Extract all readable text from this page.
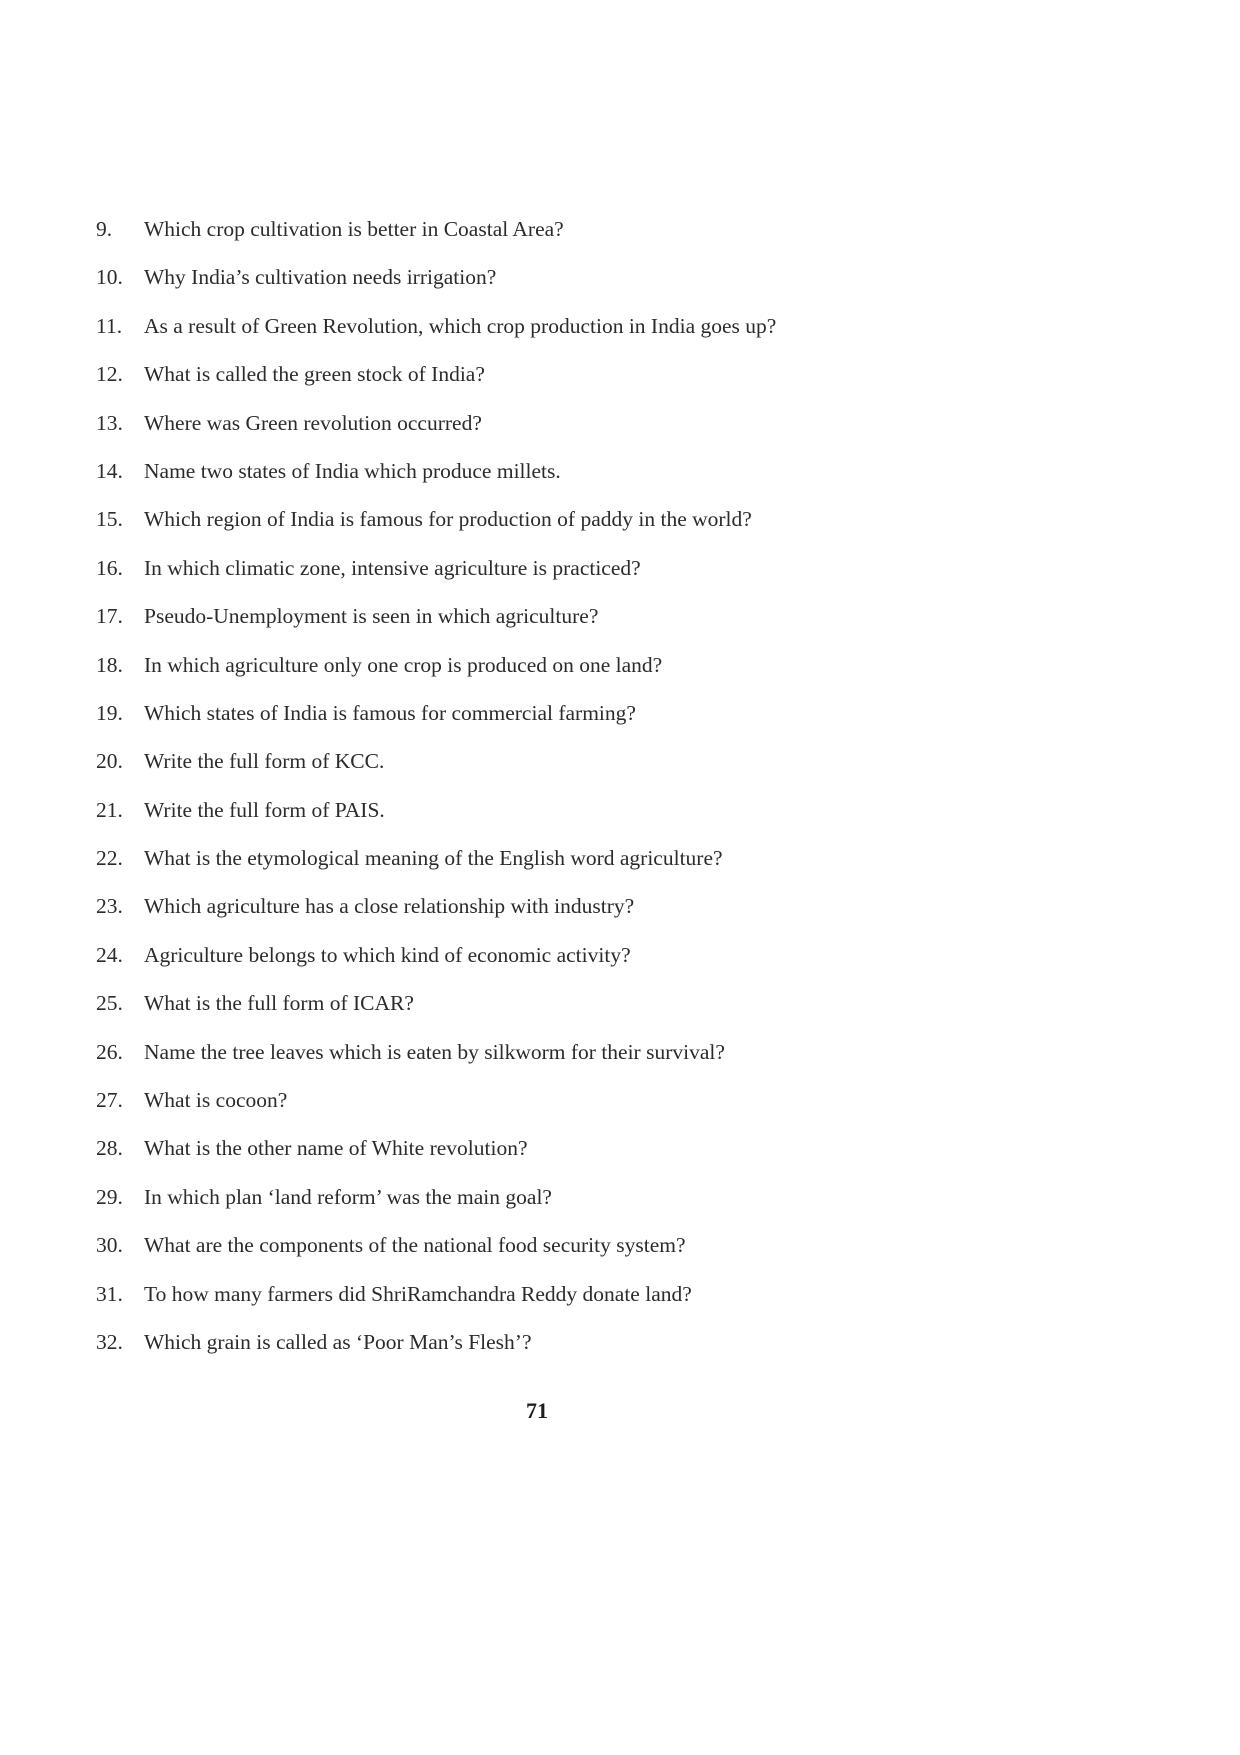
9.	Which crop cultivation is better in Coastal Area?
10. Why India’s cultivation needs irrigation?
11.	As a result of Green Revolution, which crop production in India goes up?
12. What is called the green stock of India?
13. Where was Green revolution occurred?
14. Name two states of India which produce millets.
15. Which region of India is famous for production of paddy in the world?
16. In which climatic zone, intensive agriculture is practiced?
17. Pseudo-Unemployment is seen in which agriculture?
18. In which agriculture only one crop is produced on one land?
19. Which states of India is famous for commercial farming?
20. Write the full form of KCC.
21. Write the full form of PAIS.
22. What is the etymological meaning of the English word agriculture?
23. Which agriculture has a close relationship with industry?
24. Agriculture belongs to which kind of economic activity?
25. What is the full form of ICAR?
26. Name the tree leaves which is eaten by silkworm for their survival?
27. What is cocoon?
28. What is the other name of White revolution?
29. In which plan ‘land reform’ was the main goal?
30. What are the components of the national food security system?
31. To how many farmers did ShriRamchandra Reddy donate land?
32. Which grain is called as ‘Poor Man’s Flesh’?
71
